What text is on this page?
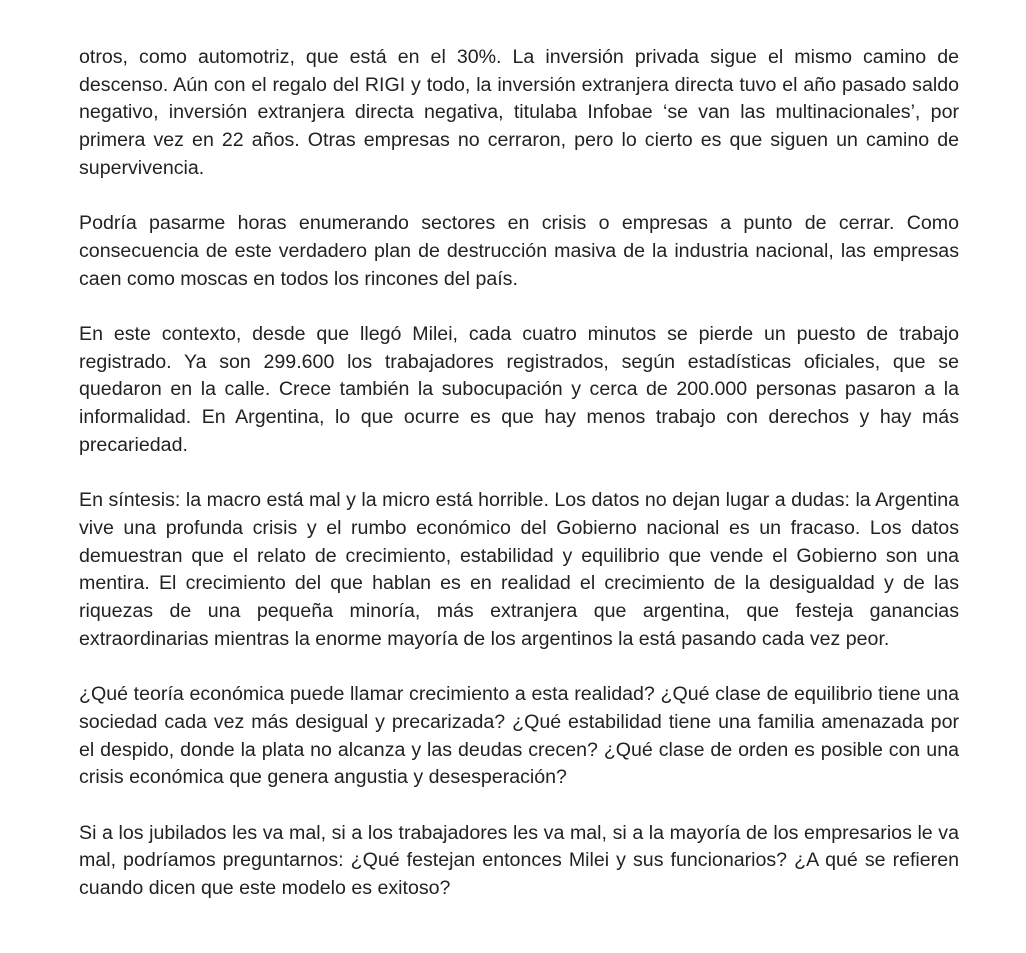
otros, como automotriz, que está en el 30%. La inversión privada sigue el mismo camino de descenso. Aún con el regalo del RIGI y todo, la inversión extranjera directa tuvo el año pasado saldo negativo, inversión extranjera directa negativa, titulaba Infobae ‘se van las multinacionales’, por primera vez en 22 años. Otras empresas no cerraron, pero lo cierto es que siguen un camino de supervivencia.

Podría pasarme horas enumerando sectores en crisis o empresas a punto de cerrar. Como consecuencia de este verdadero plan de destrucción masiva de la industria nacional, las empresas caen como moscas en todos los rincones del país.

En este contexto, desde que llegó Milei, cada cuatro minutos se pierde un puesto de trabajo registrado. Ya son 299.600 los trabajadores registrados, según estadísticas oficiales, que se quedaron en la calle. Crece también la subocupación y cerca de 200.000 personas pasaron a la informalidad. En Argentina, lo que ocurre es que hay menos trabajo con derechos y hay más precariedad.

En síntesis: la macro está mal y la micro está horrible. Los datos no dejan lugar a dudas: la Argentina vive una profunda crisis y el rumbo económico del Gobierno nacional es un fracaso. Los datos demuestran que el relato de crecimiento, estabilidad y equilibrio que vende el Gobierno son una mentira. El crecimiento del que hablan es en realidad el crecimiento de la desigualdad y de las riquezas de una pequeña minoría, más extranjera que argentina, que festeja ganancias extraordinarias mientras la enorme mayoría de los argentinos la está pasando cada vez peor.

¿Qué teoría económica puede llamar crecimiento a esta realidad? ¿Qué clase de equilibrio tiene una sociedad cada vez más desigual y precarizada? ¿Qué estabilidad tiene una familia amenazada por el despido, donde la plata no alcanza y las deudas crecen? ¿Qué clase de orden es posible con una crisis económica que genera angustia y desesperación?

Si a los jubilados les va mal, si a los trabajadores les va mal, si a la mayoría de los empresarios le va mal, podríamos preguntarnos: ¿Qué festejan entonces Milei y sus funcionarios? ¿A qué se refieren cuando dicen que este modelo es exitoso?
